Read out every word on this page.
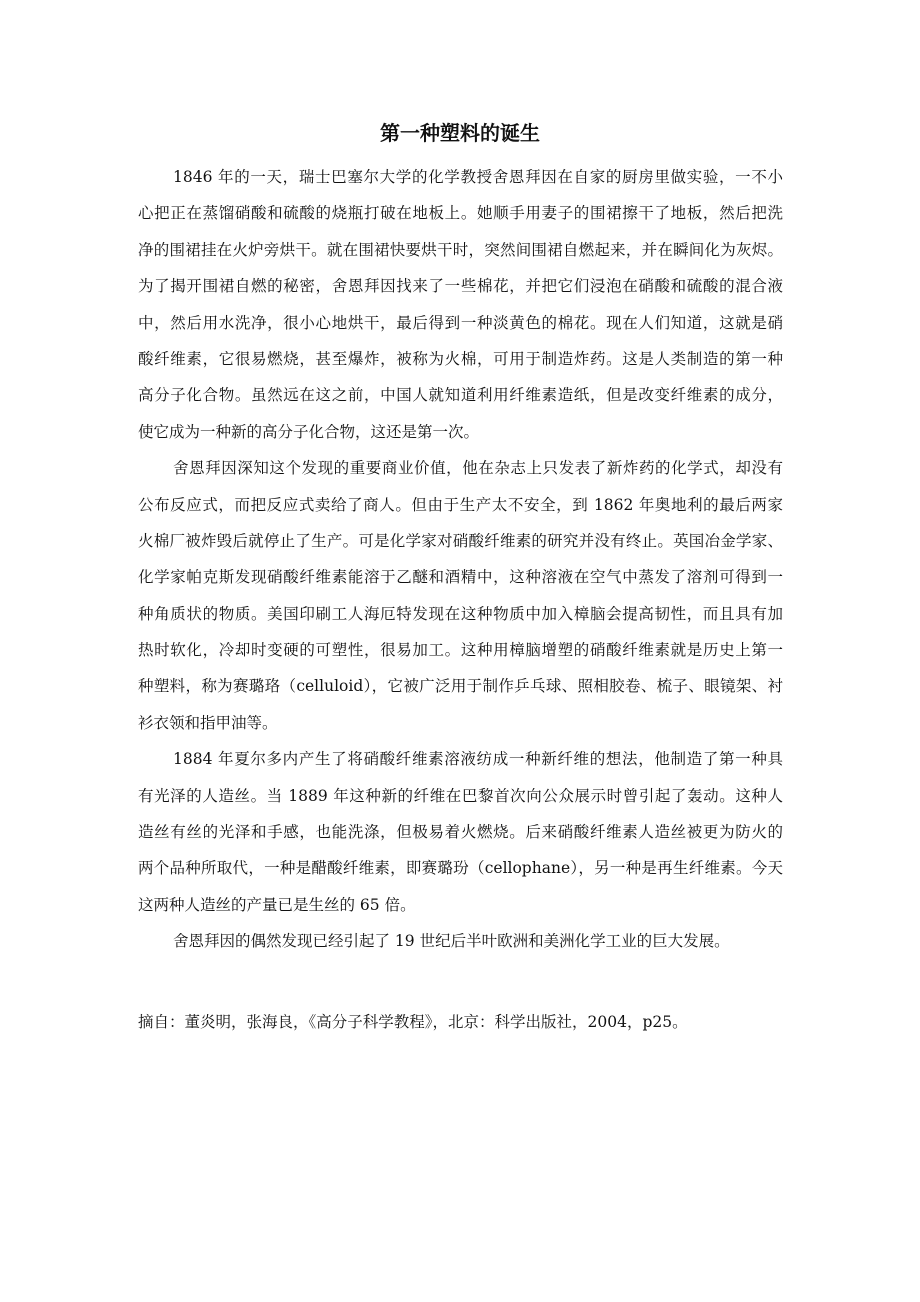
第一种塑料的诞生
1846 年的一天，瑞士巴塞尔大学的化学教授舍恩拜因在自家的厨房里做实验，一不小
心把正在蒸馏硝酸和硫酸的烧瓶打破在地板上。她顺手用妻子的围裙擦干了地板，然后把洗
净的围裙挂在火炉旁烘干。就在围裙快要烘干时，突然间围裙自燃起来，并在瞬间化为灰烬。
为了揭开围裙自燃的秘密，舍恩拜因找来了一些棉花，并把它们浸泡在硝酸和硫酸的混合液
中，然后用水洗净，很小心地烘干，最后得到一种淡黄色的棉花。现在人们知道，这就是硝
酸纤维素，它很易燃烧，甚至爆炸，被称为火棉，可用于制造炸药。这是人类制造的第一种
高分子化合物。虽然远在这之前，中国人就知道利用纤维素造纸，但是改变纤维素的成分，
使它成为一种新的高分子化合物，这还是第一次。
舍恩拜因深知这个发现的重要商业价值，他在杂志上只发表了新炸药的化学式，却没有
公布反应式，而把反应式卖给了商人。但由于生产太不安全，到 1862 年奥地利的最后两家
火棉厂被炸毁后就停止了生产。可是化学家对硝酸纤维素的研究并没有终止。英国冶金学家、
化学家帕克斯发现硝酸纤维素能溶于乙醚和酒精中，这种溶液在空气中蒸发了溶剂可得到一
种角质状的物质。美国印刷工人海厄特发现在这种物质中加入樟脑会提高韧性，而且具有加
热时软化，冷却时变硬的可塑性，很易加工。这种用樟脑增塑的硝酸纤维素就是历史上第一
种塑料，称为赛璐珞（celluloid），它被广泛用于制作乒乓球、照相胶卷、梳子、眼镜架、衬
衫衣领和指甲油等。
1884 年夏尔多内产生了将硝酸纤维素溶液纺成一种新纤维的想法，他制造了第一种具
有光泽的人造丝。当 1889 年这种新的纤维在巴黎首次向公众展示时曾引起了轰动。这种人
造丝有丝的光泽和手感，也能洗涤，但极易着火燃烧。后来硝酸纤维素人造丝被更为防火的
两个品种所取代，一种是醋酸纤维素，即赛璐玢（cellophane），另一种是再生纤维素。今天
这两种人造丝的产量已是生丝的 65 倍。
舍恩拜因的偶然发现已经引起了 19 世纪后半叶欧洲和美洲化学工业的巨大发展。
摘自：董炎明，张海良，《高分子科学教程》，北京：科学出版社，2004，p25。
